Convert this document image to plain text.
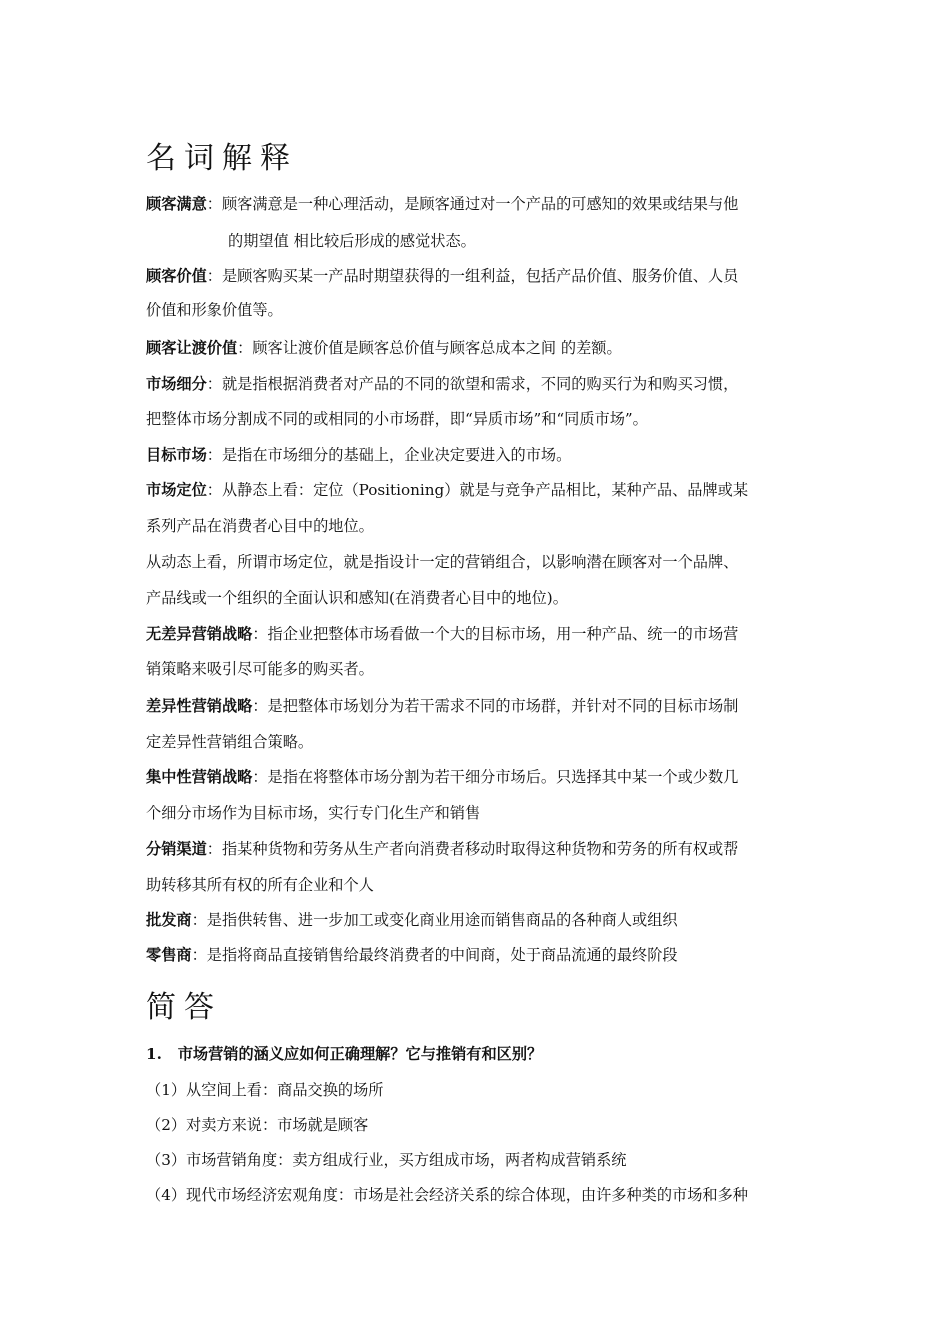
名词解释
顾客满意：顾客满意是一种心理活动，是顾客通过对一个产品的可感知的效果或结果与他
的期望值 相比较后形成的感觉状态。
顾客价值：是顾客购买某一产品时期望获得的一组利益，包括产品价值、服务价值、人员
价值和形象价值等。
顾客让渡价值：顾客让渡价值是顾客总价值与顾客总成本之间 的差额。
市场细分：就是指根据消费者对产品的不同的欲望和需求，不同的购买行为和购买习惯，
把整体市场分割成不同的或相同的小市场群，即“异质市场”和“同质市场”。
目标市场：是指在市场细分的基础上，企业决定要进入的市场。
市场定位：从静态上看：定位（Positioning）就是与竞争产品相比，某种产品、品牌或某
系列产品在消费者心目中的地位。
从动态上看，所谓市场定位，就是指设计一定的营销组合，以影响潜在顾客对一个品牌、
产品线或一个组织的全面认识和感知(在消费者心目中的地位)。
无差异营销战略：指企业把整体市场看做一个大的目标市场，用一种产品、统一的市场营
销策略来吸引尽可能多的购买者。
差异性营销战略：是把整体市场划分为若干需求不同的市场群，并针对不同的目标市场制
定差异性营销组合策略。
集中性营销战略：是指在将整体市场分割为若干细分市场后。只选择其中某一个或少数几
个细分市场作为目标市场，实行专门化生产和销售
分销渠道：指某种货物和劳务从生产者向消费者移动时取得这种货物和劳务的所有权或帮
助转移其所有权的所有企业和个人
批发商：是指供转售、进一步加工或变化商业用途而销售商品的各种商人或组织
零售商：是指将商品直接销售给最终消费者的中间商，处于商品流通的最终阶段
简答
1. 市场营销的涵义应如何正确理解？它与推销有和区别？
（1）从空间上看：商品交换的场所
（2）对卖方来说：市场就是顾客
（3）市场营销角度：卖方组成行业，买方组成市场，两者构成营销系统
（4）现代市场经济宏观角度：市场是社会经济关系的综合体现，由许多种类的市场和多种
